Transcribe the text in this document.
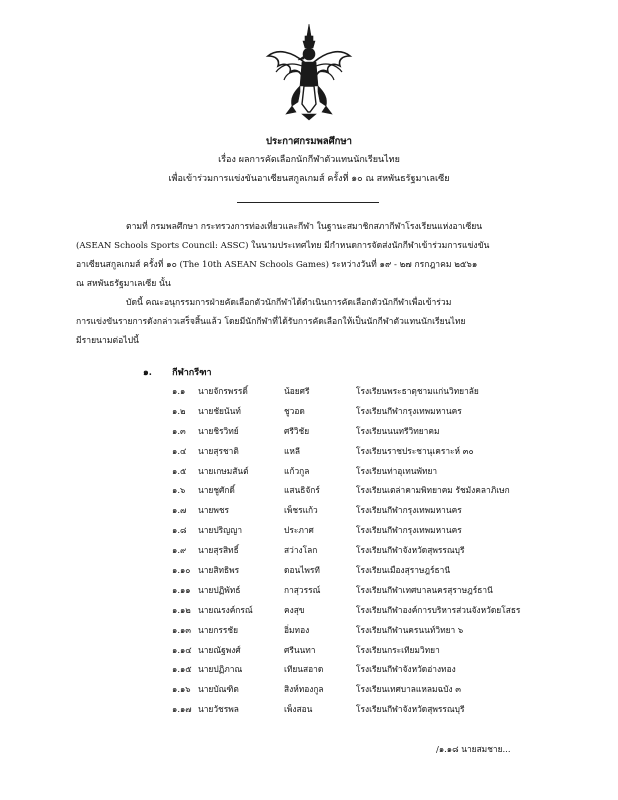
ประกาศกรมพลศึกษา
เรื่อง ผลการคัดเลือกนักกีฬาตัวแทนนักเรียนไทย
เพื่อเข้าร่วมการแข่งขันอาเซียนสกูลเกมส์ ครั้งที่ ๑๐ ณ สหพันธรัฐมาเลเซีย
ตามที่ กรมพลศึกษา กระทรวงการท่องเที่ยวและกีฬา ในฐานะสมาชิกสภากีฬาโรงเรียนแห่งอาเซียน
(ASEAN Schools Sports Council: ASSC) ในนามประเทศไทย มีกำหนดการจัดส่งนักกีฬาเข้าร่วมการแข่งขัน
อาเซียนสกูลเกมส์ ครั้งที่ ๑๐ (The 10th ASEAN Schools Games) ระหว่างวันที่ ๑๙ - ๒๗ กรกฎาคม ๒๕๖๑
ณ สหพันธรัฐมาเลเซีย นั้น
บัดนี้ คณะอนุกรรมการฝ่ายคัดเลือกตัวนักกีฬาได้ดำเนินการคัดเลือกตัวนักกีฬาเพื่อเข้าร่วม
การแข่งขันรายการดังกล่าวเสร็จสิ้นแล้ว โดยมีนักกีฬาที่ได้รับการคัดเลือกให้เป็นนักกีฬาตัวแทนนักเรียนไทย
มีรายนามต่อไปนี้
๑. กีฬากรีฑา
๑.๑	นายจักรพรรดิ์	น้อยศรี	โรงเรียนพระธาตุชามแก่นวิทยาลัย
๑.๒	นายชัยนันท์	ชูวอด	โรงเรียนกีฬากรุงเทพมหานคร
๑.๓	นายชิรวิทย์	ศรีวิชัย	โรงเรียนนนทรีวิทยาคม
๑.๔	นายสุรชาติ	แหลี	โรงเรียนราชประชานุเคราะห์ ๓๐
๑.๕	นายเกษมสันต์	แก้วกูล	โรงเรียนท่าอุเทนพัทยา
๑.๖	นายชูศักดิ์	แสนธิจักร์	โรงเรียนเตล่าคามพิทยาคม รัชมังคลาภิเษก
๑.๗	นายพชร	เพ็ชรแก้ว	โรงเรียนกีฬากรุงเทพมหานคร
๑.๘	นายปริญญา	ประภาศ	โรงเรียนกีฬากรุงเทพมหานคร
๑.๙	นายสุรสิทธิ์	สว่างโลก	โรงเรียนกีฬาจังหวัดสุพรรณบุรี
๑.๑๐ นายสิทธิพร	ดอนไพรที	โรงเรียนเมืองสุราษฎร์ธานี
๑.๑๑ นายปฏิพัทธ์	กาสุวรรณ์	โรงเรียนกีฬาเทศบาลนครสุราษฎร์ธานี
๑.๑๒ นายณรงค์กรณ์	คงสุข	โรงเรียนกีฬาองค์การบริหารส่วนจังหวัดยโสธร
๑.๑๓ นายกรรชัย	อิ่มทอง	โรงเรียนกีฬานครนนท์วิทยา ๖
๑.๑๔ นายณัฐพงศ์	ศรีนนทา	โรงเรียนกระเทียมวิทยา
๑.๑๕ นายปฏิภาณ	เทียนสอาด	โรงเรียนกีฬาจังหวัดอ่างทอง
๑.๑๖ นายบัณฑิต	สิงห์ทองกูล	โรงเรียนเทศบาลแหลมฉบัง ๓
๑.๑๗ นายวัชรพล	เพ็งสอน	โรงเรียนกีฬาจังหวัดสุพรรณบุรี
/๑.๑๘ นายสมชาย...
